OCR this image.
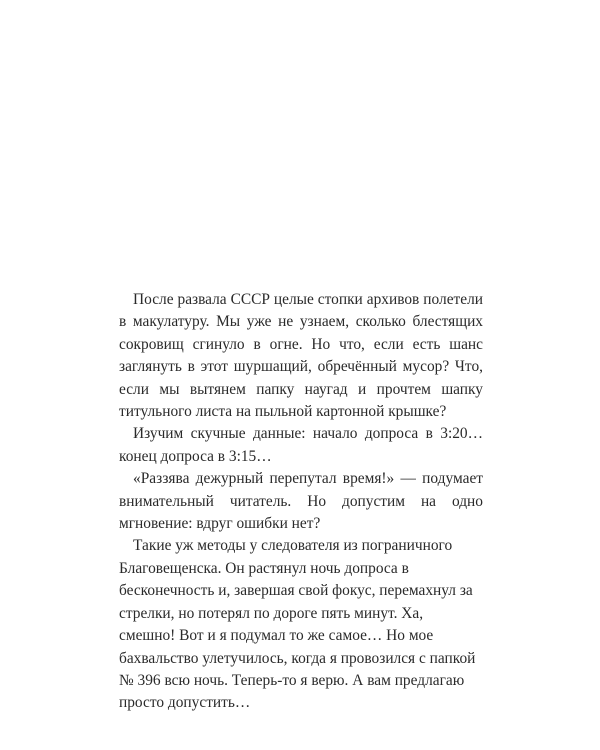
После развала СССР целые стопки архивов полетели в макулатуру. Мы уже не узнаем, сколько блестящих сокровищ сгинуло в огне. Но что, если есть шанс заглянуть в этот шуршащий, обречённый мусор? Что, если мы вытянем папку наугад и прочтем шапку титульного листа на пыльной картонной крышке?

Изучим скучные данные: начало допроса в 3:20… конец допроса в 3:15…

«Раззява дежурный перепутал время!» — подумает внимательный читатель. Но допустим на одно мгновение: вдруг ошибки нет?

Такие уж методы у следователя из пограничного Благовещенска. Он растянул ночь допроса в бесконечность и, завершая свой фокус, перемахнул за стрелки, но потерял по дороге пять минут. Ха, смешно! Вот и я подумал то же самое… Но мое бахвальство улетучилось, когда я провозился с папкой № 396 всю ночь. Теперь-то я верю. А вам предлагаю просто допустить…
